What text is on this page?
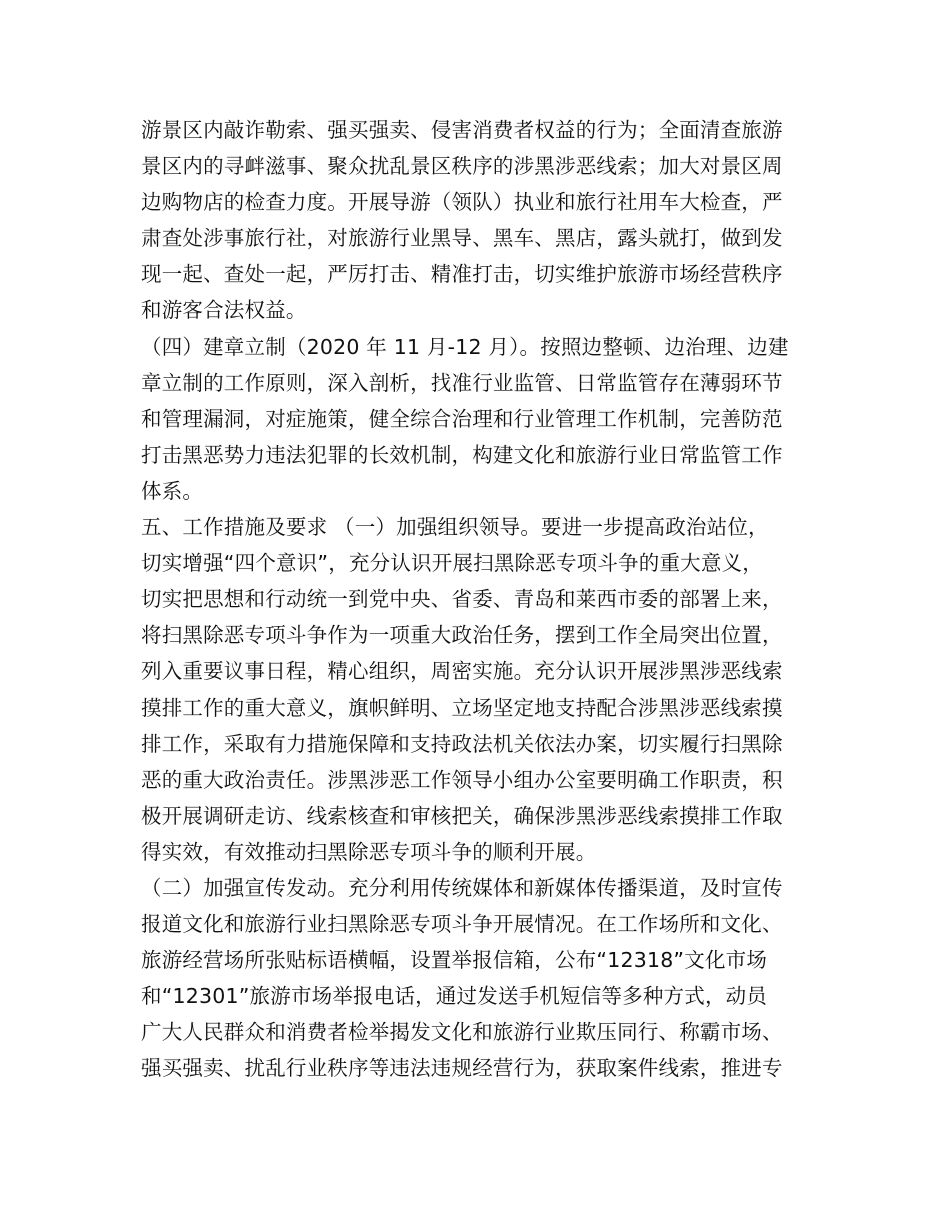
游景区内敲诈勒索、强买强卖、侵害消费者权益的行为；全面清查旅游
景区内的寻衅滋事、聚众扰乱景区秩序的涉黑涉恶线索；加大对景区周
边购物店的检查力度。开展导游（领队）执业和旅行社用车大检查，严
肃查处涉事旅行社，对旅游行业黑导、黑车、黑店，露头就打，做到发
现一起、查处一起，严厉打击、精准打击，切实维护旅游市场经营秩序
和游客合法权益。
（四）建章立制（2020 年 11 月-12 月）。按照边整顿、边治理、边建
章立制的工作原则，深入剖析，找准行业监管、日常监管存在薄弱环节
和管理漏洞，对症施策，健全综合治理和行业管理工作机制，完善防范
打击黑恶势力违法犯罪的长效机制，构建文化和旅游行业日常监管工作
体系。
五、工作措施及要求 （一）加强组织领导。要进一步提高政治站位，
切实增强“四个意识”，充分认识开展扫黑除恶专项斗争的重大意义，
切实把思想和行动统一到党中央、省委、青岛和莱西市委的部署上来，
将扫黑除恶专项斗争作为一项重大政治任务，摆到工作全局突出位置，
列入重要议事日程，精心组织，周密实施。充分认识开展涉黑涉恶线索
摸排工作的重大意义，旗帜鲜明、立场坚定地支持配合涉黑涉恶线索摸
排工作，采取有力措施保障和支持政法机关依法办案，切实履行扫黑除
恶的重大政治责任。涉黑涉恶工作领导小组办公室要明确工作职责，积
极开展调研走访、线索核查和审核把关，确保涉黑涉恶线索摸排工作取
得实效，有效推动扫黑除恶专项斗争的顺利开展。
（二）加强宣传发动。充分利用传统媒体和新媒体传播渠道，及时宣传
报道文化和旅游行业扫黑除恶专项斗争开展情况。在工作场所和文化、
旅游经营场所张贴标语横幅，设置举报信箱，公布“12318”文化市场
和“12301”旅游市场举报电话，通过发送手机短信等多种方式，动员
广大人民群众和消费者检举揭发文化和旅游行业欺压同行、称霸市场、
强买强卖、扰乱行业秩序等违法违规经营行为，获取案件线索，推进专
